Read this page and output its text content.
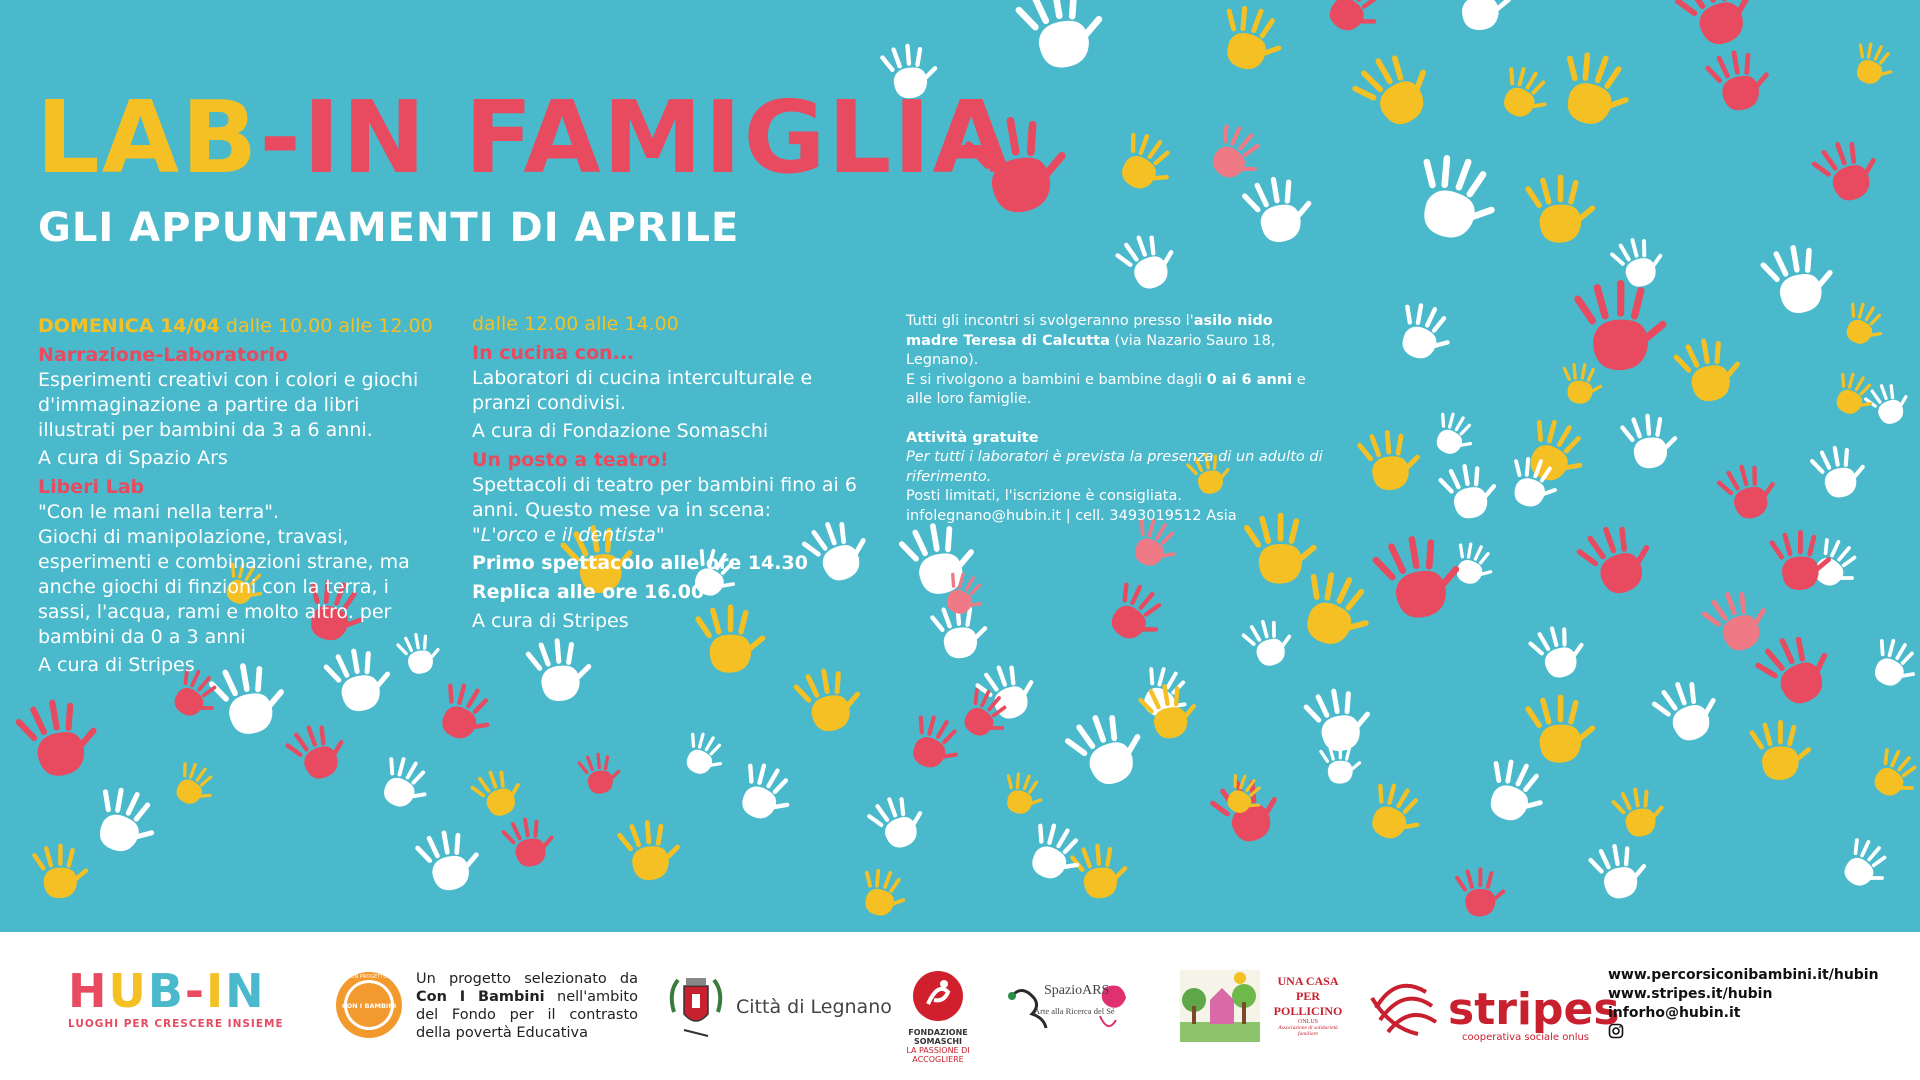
LAB-IN FAMIGLIA
GLI APPUNTAMENTI DI APRILE
DOMENICA 14/04 dalle 10.00 alle 12.00
Narrazione-Laboratorio
Esperimenti creativi con i colori e giochi d'immaginazione a partire da libri illustrati per bambini da 3 a 6 anni.
A cura di Spazio Ars
Liberi Lab
"Con le mani nella terra".
Giochi di manipolazione, travasi, esperimenti e combinazioni strane, ma anche giochi di finzioni con la terra, i sassi, l'acqua, rami e molto altro. per bambini da 0 a 3 anni
A cura di Stripes
dalle 12.00 alle 14.00
In cucina con...
Laboratori di cucina interculturale e pranzi condivisi.
A cura di Fondazione Somaschi
Un posto a teatro!
Spettacoli di teatro per bambini fino ai 6 anni. Questo mese va in scena:
"L'orco e il dentista"
Primo spettacolo alle ore 14.30
Replica alle ore 16.00
A cura di Stripes
Tutti gli incontri si svolgeranno presso l'asilo nido madre Teresa di Calcutta (via Nazario Sauro 18, Legnano).
E si rivolgono a bambini e bambine dagli 0 ai 6 anni e alle loro famiglie.
Attività gratuite
Per tutti i laboratori è prevista la presenza di un adulto di riferimento.
Posti limitati, l'iscrizione è consigliata.
infolegnano@hubin.it | cell. 3493019512 Asia
HUB-IN
LUOGHI PER CRESCERE INSIEME
UN PROGETTO
CON I BAMBINI
Un progetto selezionato da Con I Bambini nell'ambito del Fondo per il contrasto della povertà Educativa
Città di Legnano
FONDAZIONE SOMASCHI
LA PASSIONE DI ACCOGLIERE
SpazioARS
Arte alla Ricerca del Sé
UNA CASA
PER
POLLICINO
ONLUS
Associazione di solidarietà familiare	stripes
cooperativa sociale onlus
www.percorsiconibambini.it/hubin
www.stripes.it/hubin
inforho@hubin.it
